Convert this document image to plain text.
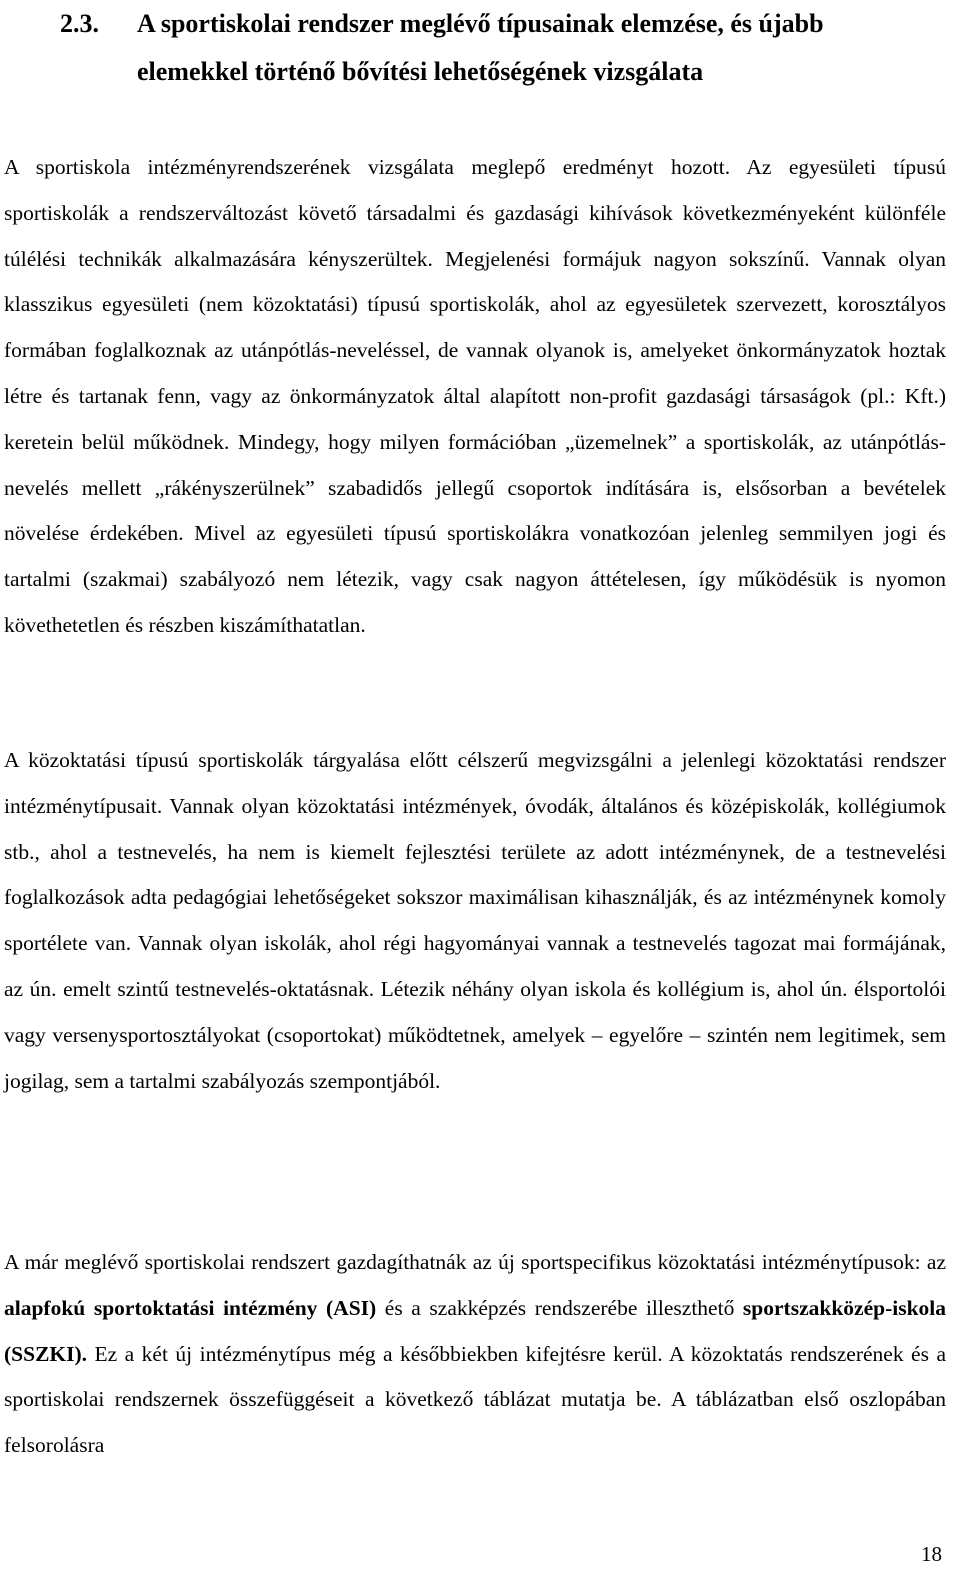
2.3. A sportiskolai rendszer meglévő típusainak elemzése, és újabb elemekkel történő bővítési lehetőségének vizsgálata

A sportiskola intézményrendszerének vizsgálata meglepő eredményt hozott. Az egyesületi típusú sportiskolák a rendszerváltozást követő társadalmi és gazdasági kihívások következményeként különféle túlélési technikák alkalmazására kényszerültek. Megjelenési formájuk nagyon sokszínű. Vannak olyan klasszikus egyesületi (nem közoktatási) típusú sportiskolák, ahol az egyesületek szervezett, korosztályos formában foglalkoznak az utánpótlás-neveléssel, de vannak olyanok is, amelyeket önkormányzatok hoztak létre és tartanak fenn, vagy az önkormányzatok által alapított non-profit gazdasági társaságok (pl.: Kft.) keretein belül működnek. Mindegy, hogy milyen formációban „üzemelnek” a sportiskolák, az utánpótlás-nevelés mellett „rákényszerülnek” szabadidős jellegű csoportok indítására is, elsősorban a bevételek növelése érdekében. Mivel az egyesületi típusú sportiskolákra vonatkozóan jelenleg semmilyen jogi és tartalmi (szakmai) szabályozó nem létezik, vagy csak nagyon áttételesen, így működésük is nyomon követhetetlen és részben kiszámíthatatlan.

A közoktatási típusú sportiskolák tárgyalása előtt célszerű megvizsgálni a jelenlegi közoktatási rendszer intézménytípusait. Vannak olyan közoktatási intézmények, óvodák, általános és középiskolák, kollégiumok stb., ahol a testnevelés, ha nem is kiemelt fejlesztési területe az adott intézménynek, de a testnevelési foglalkozások adta pedagógiai lehetőségeket sokszor maximálisan kihasználják, és az intézménynek komoly sportélete van. Vannak olyan iskolák, ahol régi hagyományai vannak a testnevelés tagozat mai formájának, az ún. emelt szintű testnevelés-oktatásnak. Létezik néhány olyan iskola és kollégium is, ahol ún. élsportolói vagy versenysportosztályokat (csoportokat) működtetnek, amelyek – egyelőre – szintén nem legitimek, sem jogilag, sem a tartalmi szabályozás szempontjából.

A már meglévő sportiskolai rendszert gazdagíthatnák az új sportspecifikus közoktatási intézménytípusok: az alapfokú sportoktatási intézmény (ASI) és a szakképzés rendszerébe illeszthető sportszakközép-iskola (SSZKI). Ez a két új intézménytípus még a későbbiekben kifejtésre kerül. A közoktatás rendszerének és a sportiskolai rendszernek összefüggéseit a következő táblázat mutatja be. A táblázatban első oszlopában felsorolásra

18
